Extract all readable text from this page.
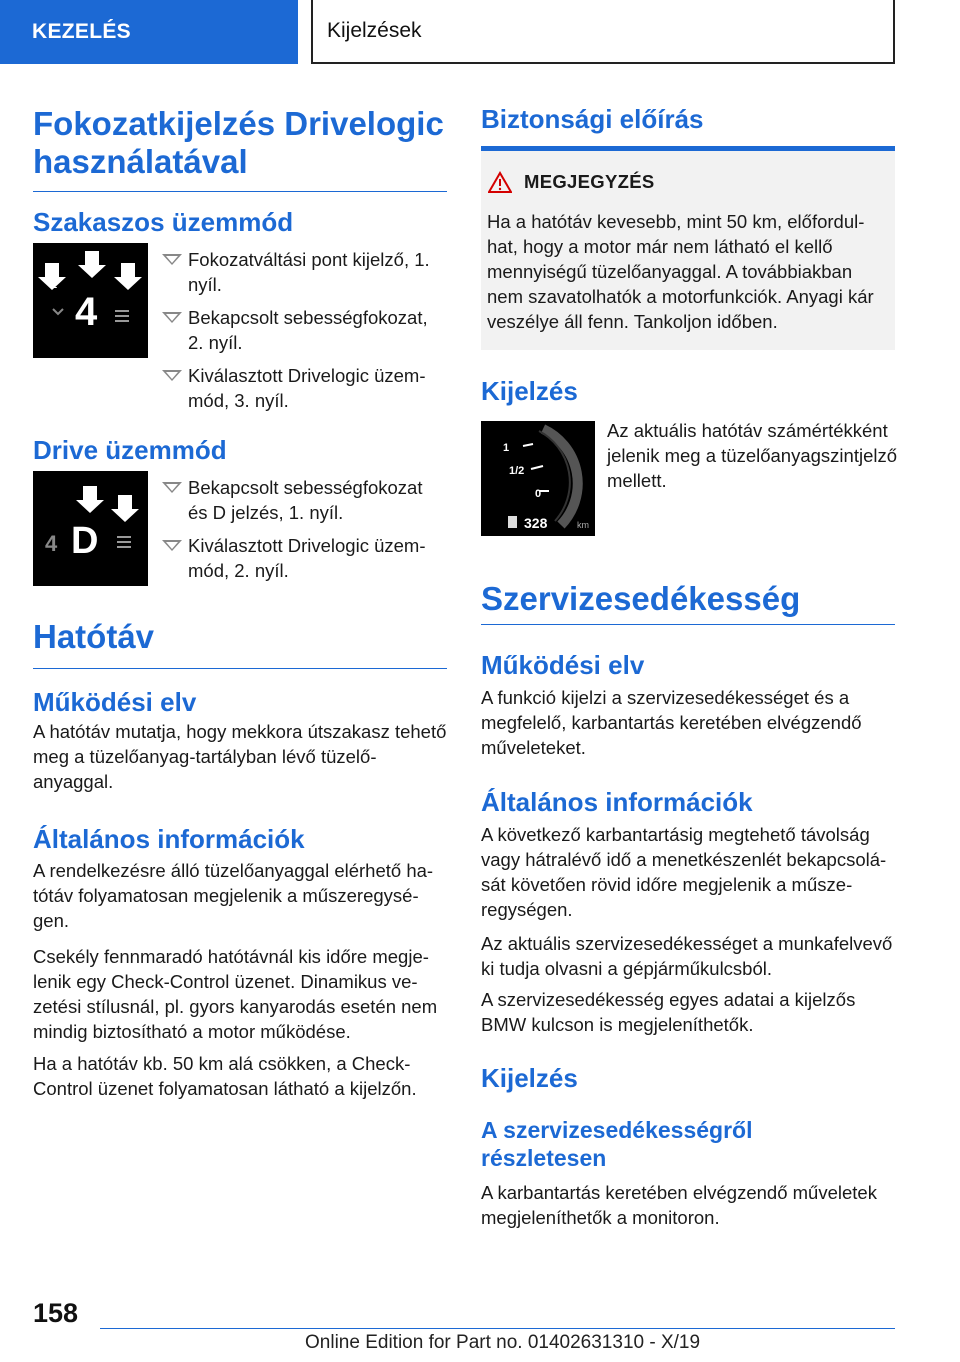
KEZELÉS	Kijelzések
Fokozatkijelzés Drivelogic használatával
Szakaszos üzemmód
1
2
3
4
Fokozatváltási pont kijelző, 1. nyíl.
Bekapcsolt sebességfokozat, 2. nyíl.
Kiválasztott Drivelogic üzemmód, 3. nyíl.
Drive üzemmód
1
2
4 D
Bekapcsolt sebességfokozat és D jelzés, 1. nyíl.
Kiválasztott Drivelogic üzemmód, 2. nyíl.
Hatótáv
Működési elv

A hatótáv mutatja, hogy mekkora útszakasz tehető meg a tüzelőanyag-tartályban lévő tüzelőanyaggal.

Általános információk

A rendelkezésre álló tüzelőanyaggal elérhető hatótáv folyamatosan megjelenik a műszeregységen.

Csekély fennmaradó hatótávnál kis időre megjelenik egy Check-Control üzenet. Dinamikus vezetési stílusnál, pl. gyors kanyarodás esetén nem mindig biztosítható a motor működése.

Ha a hatótáv kb. 50 km alá csökken, a Check-Control üzenet folyamatosan látható a kijelzőn.

Biztonsági előírás
MEGJEGYZÉS

Ha a hatótáv kevesebb, mint 50 km, előfordulhat, hogy a motor már nem látható el kellő mennyiségű tüzelőanyaggal. A továbbiakban nem szavatolhatók a motorfunkciók. Anyagi kár veszélye áll fenn. Tankoljon időben.

Kijelzés
1
1/2
0
328	km

Az aktuális hatótáv számértékként jelenik meg a tüzelőanyagszintjelző mellett.

Szervizesedékesség
Működési elv

A funkció kijelzi a szervizesedékességet és a megfelelő, karbantartás keretében elvégzendő műveleteket.

Általános információk

A következő karbantartásig megtehető távolság vagy hátralévő idő a menetkészenlét bekapcsolását követően rövid időre megjelenik a műszeregységen.

Az aktuális szervizesedékességet a munkafelvevő ki tudja olvasni a gépjárműkulcsból.

A szervizesedékesség egyes adatai a kijelzős BMW kulcson is megjeleníthetők.

Kijelzés
A szervizesedékességről részletesen

A karbantartás keretében elvégzendő műveletek megjeleníthetők a monitoron.

158
Online Edition for Part no. 01402631310 - X/19
